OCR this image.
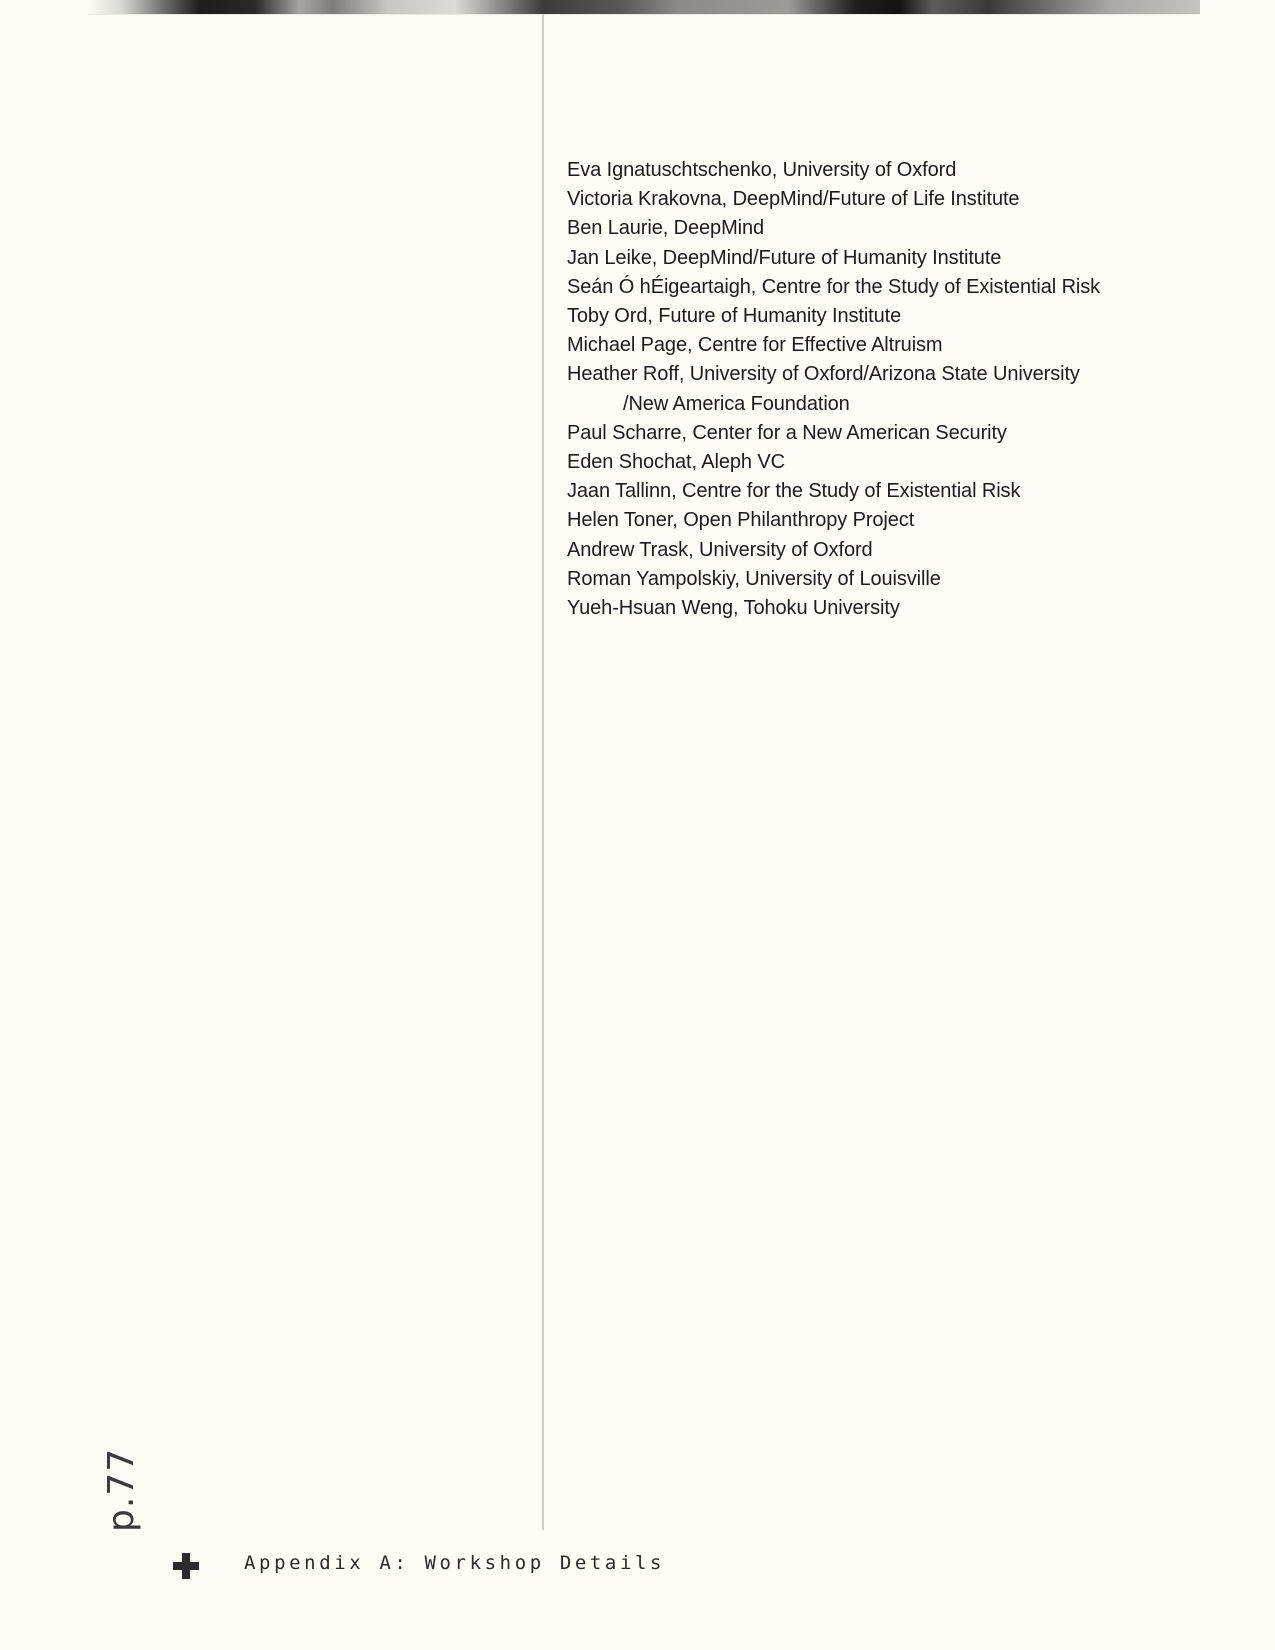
Eva Ignatuschtschenko, University of Oxford
Victoria Krakovna, DeepMind/Future of Life Institute
Ben Laurie, DeepMind
Jan Leike, DeepMind/Future of Humanity Institute
Seán Ó hÉigeartaigh, Centre for the Study of Existential Risk
Toby Ord, Future of Humanity Institute
Michael Page, Centre for Effective Altruism
Heather Roff, University of Oxford/Arizona State University
/New America Foundation
Paul Scharre, Center for a New American Security
Eden Shochat, Aleph VC
Jaan Tallinn, Centre for the Study of Existential Risk
Helen Toner, Open Philanthropy Project
Andrew Trask, University of Oxford
Roman Yampolskiy, University of Louisville
Yueh-Hsuan Weng, Tohoku University
p.77
Appendix A: Workshop Details
